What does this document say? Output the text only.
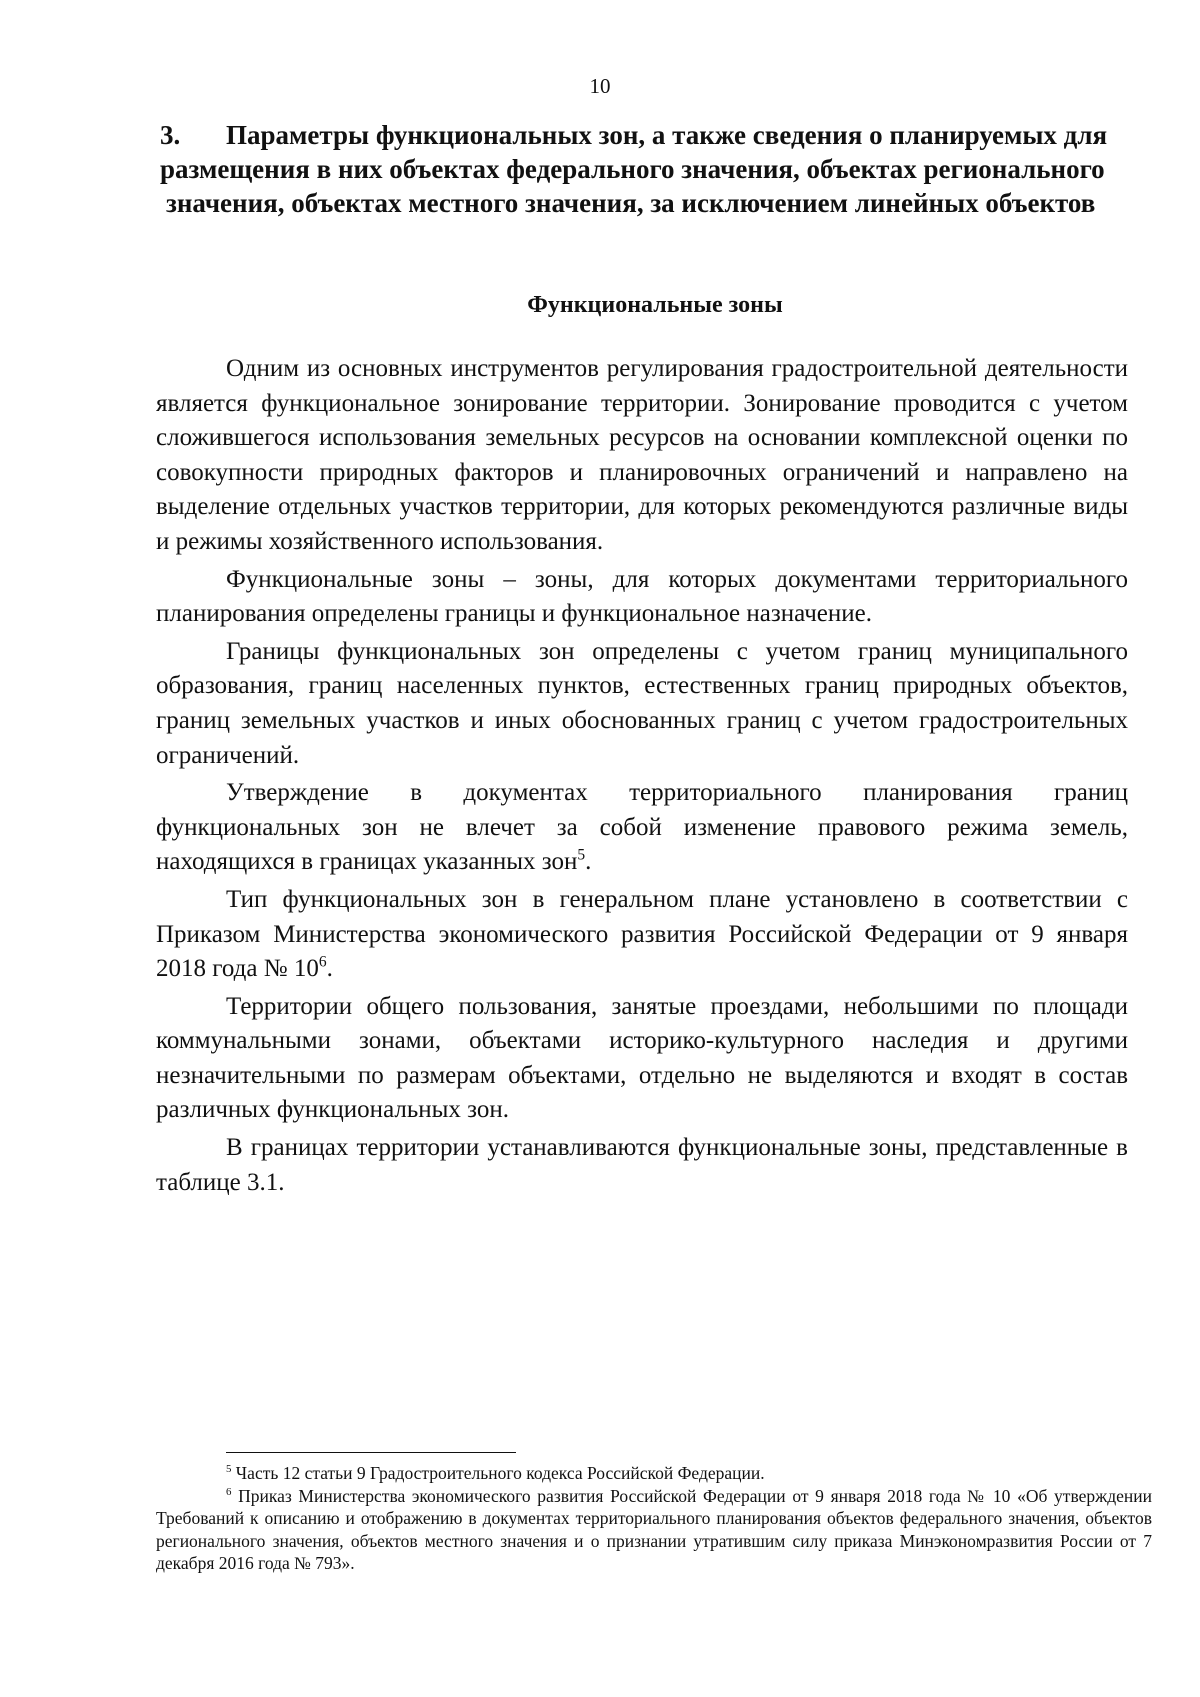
10
3. Параметры функциональных зон, а также сведения о планируемых для
размещения в них объектах федерального значения, объектах регионального
значения, объектах местного значения, за исключением линейных объектов
Функциональные зоны

Одним из основных инструментов регулирования градостроительной деятельности является функциональное зонирование территории. Зонирование проводится с учетом сложившегося использования земельных ресурсов на основании комплексной оценки по совокупности природных факторов и планировочных ограничений и направлено на выделение отдельных участков территории, для которых рекомендуются различные виды и режимы хозяйственного использования.

Функциональные зоны – зоны, для которых документами территориального планирования определены границы и функциональное назначение.

Границы функциональных зон определены с учетом границ муниципального образования, границ населенных пунктов, естественных границ природных объектов, границ земельных участков и иных обоснованных границ с учетом градостроительных ограничений.

Утверждение в документах территориального планирования границ функциональных зон не влечет за собой изменение правового режима земель, находящихся в границах указанных зон$^5$.

Тип функциональных зон в генеральном плане установлено в соответствии с Приказом Министерства экономического развития Российской Федерации от 9 января 2018 года № $10^6$.

Территории общего пользования, занятые проездами, небольшими по площади коммунальными зонами, объектами историко-культурного наследия и другими незначительными по размерам объектами, отдельно не выделяются и входят в состав различных функциональных зон.

В границах территории устанавливаются функциональные зоны, представленные в таблице 3.1.

$^5$ Часть 12 статьи 9 Градостроительного кодекса Российской Федерации.

$^6$ Приказ Министерства экономического развития Российской Федерации от 9 января 2018 года № 10 «Об утверждении Требований к описанию и отображению в документах территориального планирования объектов федерального значения, объектов регионального значения, объектов местного значения и о признании утратившим силу приказа Минэкономразвития России от 7 декабря 2016 года № 793».
